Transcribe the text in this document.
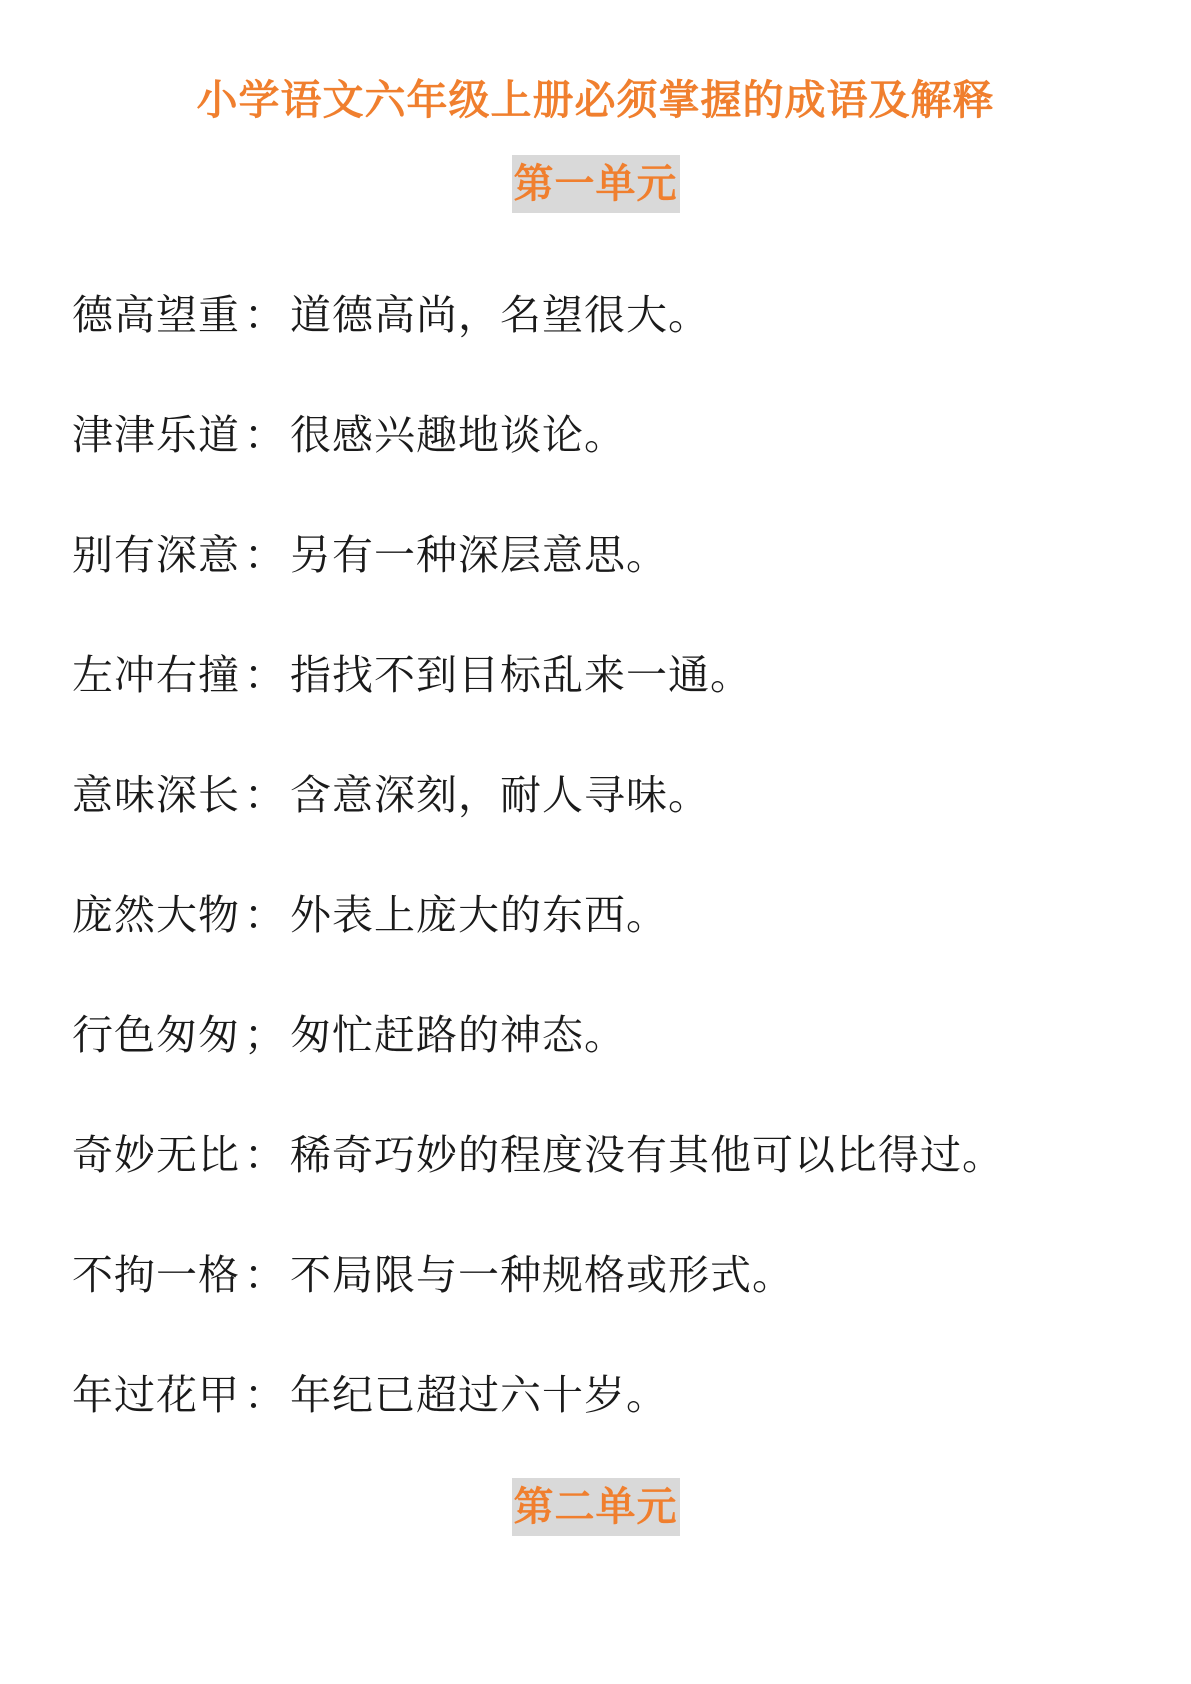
小学语文六年级上册必须掌握的成语及解释
第一单元
德高望重：道德高尚，名望很大。
津津乐道：很感兴趣地谈论。
别有深意：另有一种深层意思。
左冲右撞：指找不到目标乱来一通。
意味深长：含意深刻，耐人寻味。
庞然大物：外表上庞大的东西。
行色匆匆；匆忙赶路的神态。
奇妙无比：稀奇巧妙的程度没有其他可以比得过。
不拘一格：不局限与一种规格或形式。
年过花甲：年纪已超过六十岁。
第二单元
